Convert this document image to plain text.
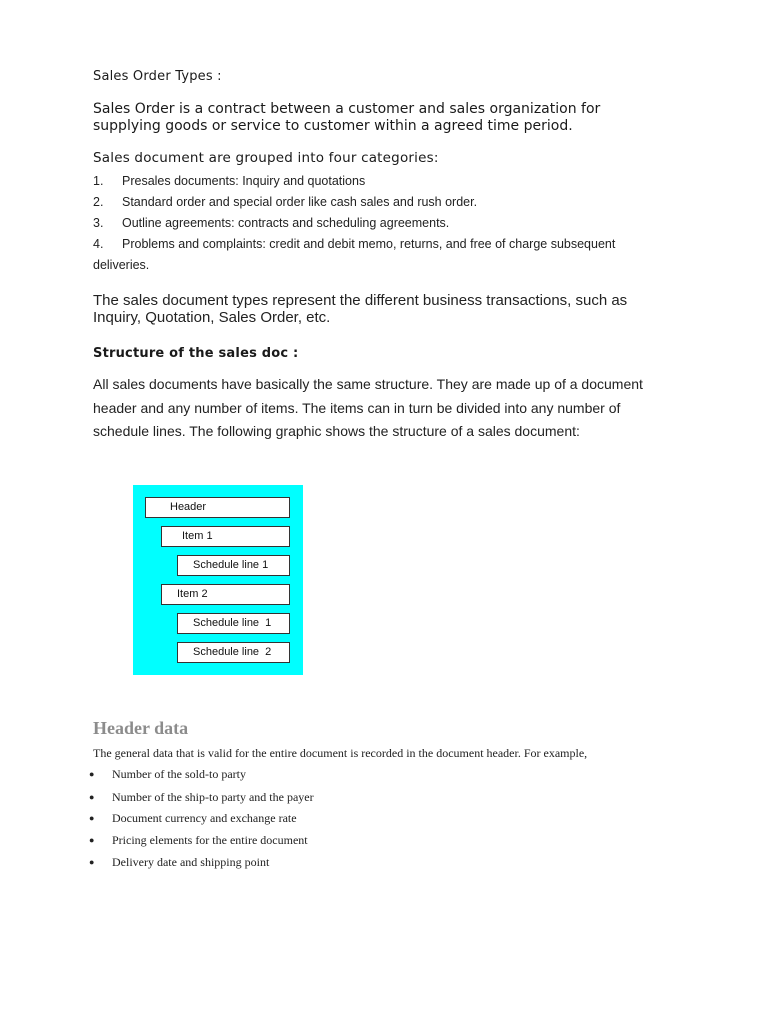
Sales Order Types :

Sales Order is a contract between a customer and sales organization for supplying goods or service to customer within a agreed time period.

Sales document are grouped into four categories:
1. Presales documents: Inquiry and quotations
2. Standard order and special order like cash sales and rush order.
3. Outline agreements: contracts and scheduling agreements.
4. Problems and complaints: credit and debit memo, returns, and free of charge subsequent
deliveries.

The sales document types represent the different business transactions, such as Inquiry, Quotation, Sales Order, etc.

Structure of the sales doc :

All sales documents have basically the same structure. They are made up of a document header and any number of items. The items can in turn be divided into any number of schedule lines. The following graphic shows the structure of a sales document:

Header
Item 1
Schedule line 1
Item 2
Schedule line  1
Schedule line  2
Header data

The general data that is valid for the entire document is recorded in the document header. For example,

● Number of the sold-to party
● Number of the ship-to party and the payer
● Document currency and exchange rate
● Pricing elements for the entire document
● Delivery date and shipping point
